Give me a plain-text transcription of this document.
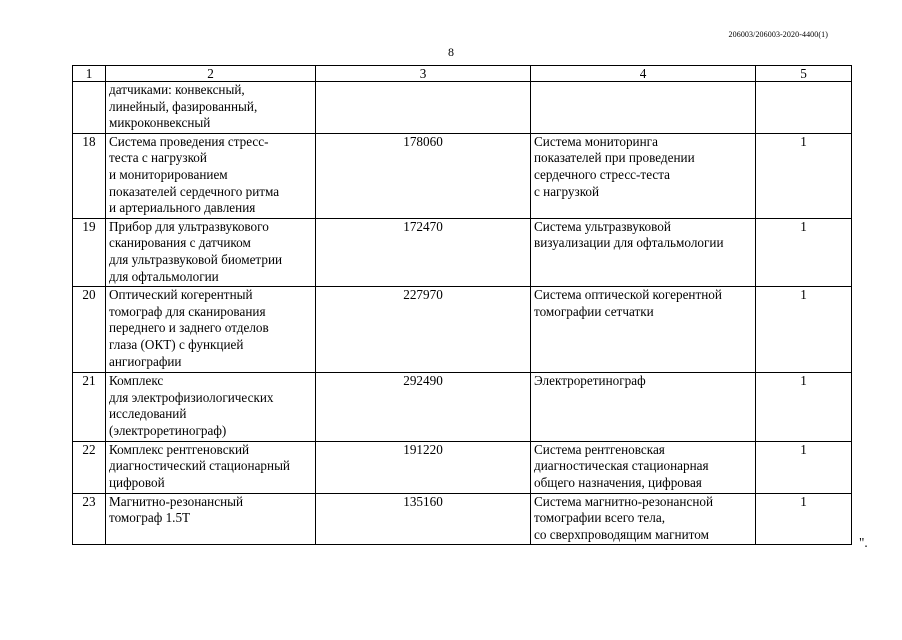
206003/206003-2020-4400(1)
8
1	2	3	4	5
	датчиками: конвексный,
линейный, фазированный,
микроконвексный			
18	Система проведения стресс-
теста с нагрузкой
и мониторированием
показателей сердечного ритма
и артериального давления	178060	Система мониторинга
показателей при проведении
сердечного стресс-теста
с нагрузкой	1
19	Прибор для ультразвукового
сканирования с датчиком
для ультразвуковой биометрии
для офтальмологии	172470	Система ультразвуковой
визуализации для офтальмологии	1
20	Оптический когерентный
томограф для сканирования
переднего и заднего отделов
глаза (ОКТ) с функцией
ангиографии	227970	Система оптической когерентной
томографии сетчатки	1
21	Комплекс
для электрофизиологических
исследований
(электроретинограф)	292490	Электроретинограф	1
22	Комплекс рентгеновский
диагностический стационарный
цифровой	191220	Система рентгеновская
диагностическая стационарная
общего назначения, цифровая	1
23	Магнитно-резонансный
томограф 1.5Т	135160	Система магнитно-резонансной
томографии всего тела,
со сверхпроводящим магнитом	1
".
